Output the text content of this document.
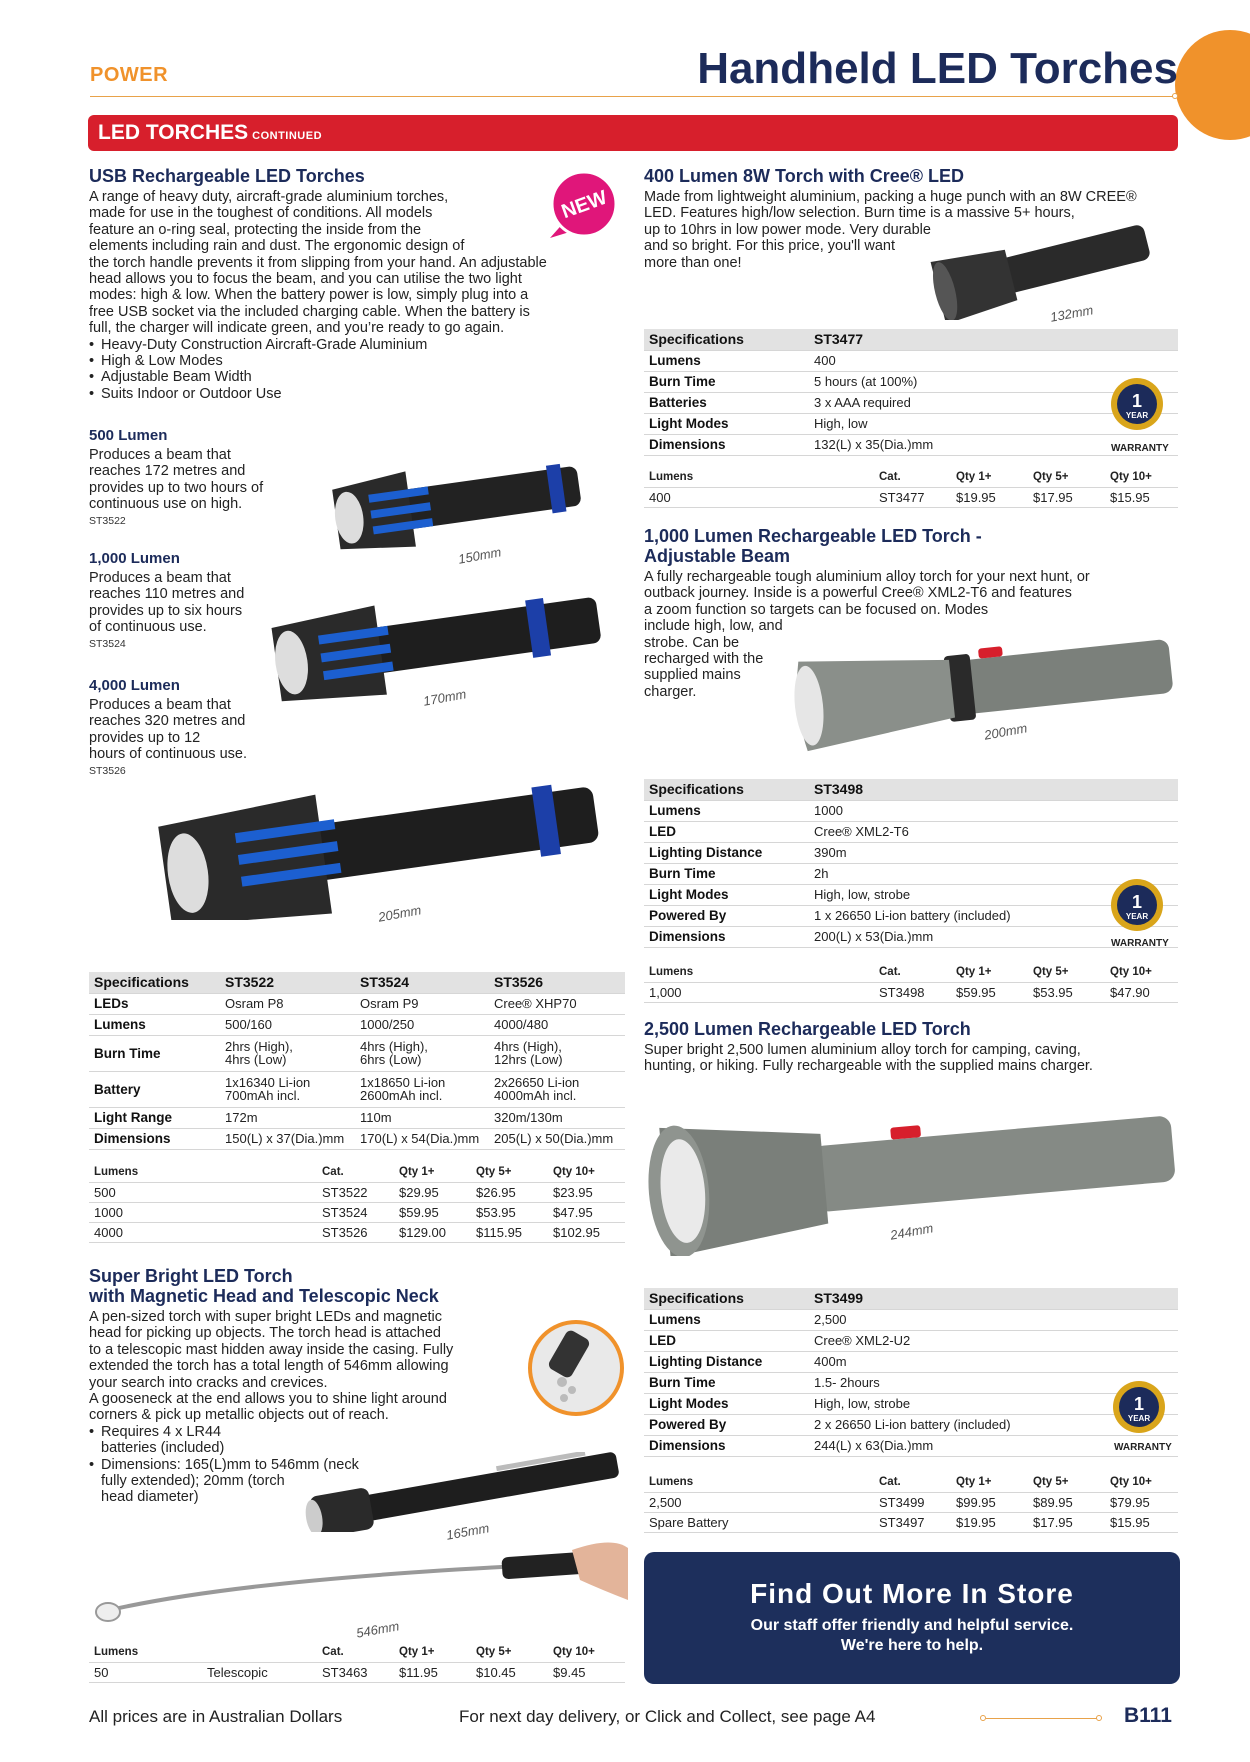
POWER	Handheld LED Torches
LED TORCHES CONTINUED
USB Rechargeable LED Torches

A range of heavy duty, aircraft-grade aluminium torches,

made for use in the toughest of conditions. All models

feature an o-ring seal, protecting the inside from the

elements including rain and dust. The ergonomic design of

the torch handle prevents it from slipping from your hand. An adjustable

head allows you to focus the beam, and you can utilise the two light

modes: high & low. When the battery power is low, simply plug into a

free USB socket via the included charging cable. When the battery is

full, the charger will indicate green, and you’re ready to go again.

• Heavy-Duty Construction Aircraft-Grade Aluminium
• High & Low Modes
• Adjustable Beam Width
• Suits Indoor or Outdoor Use
NEW
500 Lumen

Produces a beam that

reaches 172 metres and

provides up to two hours of

continuous use on high.

ST3522
1,000 Lumen

Produces a beam that

reaches 110 metres and

provides up to six hours

of continuous use.

ST3524
4,000 Lumen

Produces a beam that

reaches 320 metres and

provides up to 12

hours of continuous use.

ST3526
150mm
170mm
205mm
Specifications	ST3522	ST3524	ST3526
LEDs	Osram P8	Osram P9	Cree® XHP70
Lumens	500/160	1000/250	4000/480
Burn Time	2hrs (High),
4hrs (Low)	4hrs (High),
6hrs (Low)	4hrs (High),
12hrs (Low)
Battery	1x16340 Li-ion
700mAh incl.	1x18650 Li-ion
2600mAh incl.	2x26650 Li-ion
4000mAh incl.
Light Range	172m	110m	320m/130m
Dimensions	150(L) x 37(Dia.)mm	170(L) x 54(Dia.)mm	205(L) x 50(Dia.)mm
Lumens	Cat.	Qty 1+	Qty 5+	Qty 10+
500	ST3522	$29.95	$26.95	$23.95
1000	ST3524	$59.95	$53.95	$47.95
4000	ST3526	$129.00	$115.95	$102.95
Super Bright LED Torch
with Magnetic Head and Telescopic Neck

A pen-sized torch with super bright LEDs and magnetic

head for picking up objects. The torch head is attached

to a telescopic mast hidden away inside the casing. Fully

extended the torch has a total length of 546mm allowing

your search into cracks and crevices.

A gooseneck at the end allows you to shine light around

corners & pick up metallic objects out of reach.

• Requires 4 x LR44
batteries (included)
• Dimensions: 165(L)mm to 546mm (neck
fully extended); 20mm (torch
head diameter)
165mm
546mm
Lumens		Cat.	Qty 1+	Qty 5+	Qty 10+
50	Telescopic	ST3463	$11.95	$10.45	$9.45
400 Lumen 8W Torch with Cree® LED

Made from lightweight aluminium, packing a huge punch with an 8W CREE®

LED. Features high/low selection. Burn time is a massive 5+ hours,

up to 10hrs in low power mode. Very durable

and so bright. For this price, you'll want

more than one!

132mm
Specifications	ST3477
Lumens	400
Burn Time	5 hours (at 100%)
Batteries	3 x AAA required
Light Modes	High, low
Dimensions	132(L) x 35(Dia.)mm
1
YEAR
WARRANTY
Lumens	Cat.	Qty 1+	Qty 5+	Qty 10+
400	ST3477	$19.95	$17.95	$15.95
1,000 Lumen Rechargeable LED Torch -
Adjustable Beam

A fully rechargeable tough aluminium alloy torch for your next hunt, or

outback journey. Inside is a powerful Cree® XML2-T6 and features

a zoom function so targets can be focused on. Modes

include high, low, and

strobe. Can be

recharged with the

supplied mains

charger.

200mm
Specifications	ST3498
Lumens	1000
LED	Cree® XML2-T6
Lighting Distance	390m
Burn Time	2h
Light Modes	High, low, strobe
Powered By	1 x 26650 Li-ion battery (included)
Dimensions	200(L) x 53(Dia.)mm
1
YEAR
WARRANTY
Lumens	Cat.	Qty 1+	Qty 5+	Qty 10+
1,000	ST3498	$59.95	$53.95	$47.90
2,500 Lumen Rechargeable LED Torch

Super bright 2,500 lumen aluminium alloy torch for camping, caving,

hunting, or hiking. Fully rechargeable with the supplied mains charger.

244mm
Specifications	ST3499
Lumens	2,500
LED	Cree® XML2-U2
Lighting Distance	400m
Burn Time	1.5- 2hours
Light Modes	High, low, strobe
Powered By	2 x 26650 Li-ion battery (included)
Dimensions	244(L) x 63(Dia.)mm
1
YEAR
WARRANTY
Lumens	Cat.	Qty 1+	Qty 5+	Qty 10+
2,500	ST3499	$99.95	$89.95	$79.95
Spare Battery	ST3497	$19.95	$17.95	$15.95
Find Out More In Store
Our staff offer friendly and helpful service.
We're here to help.
All prices are in Australian Dollars	For next day delivery, or Click and Collect, see page A4	B111
